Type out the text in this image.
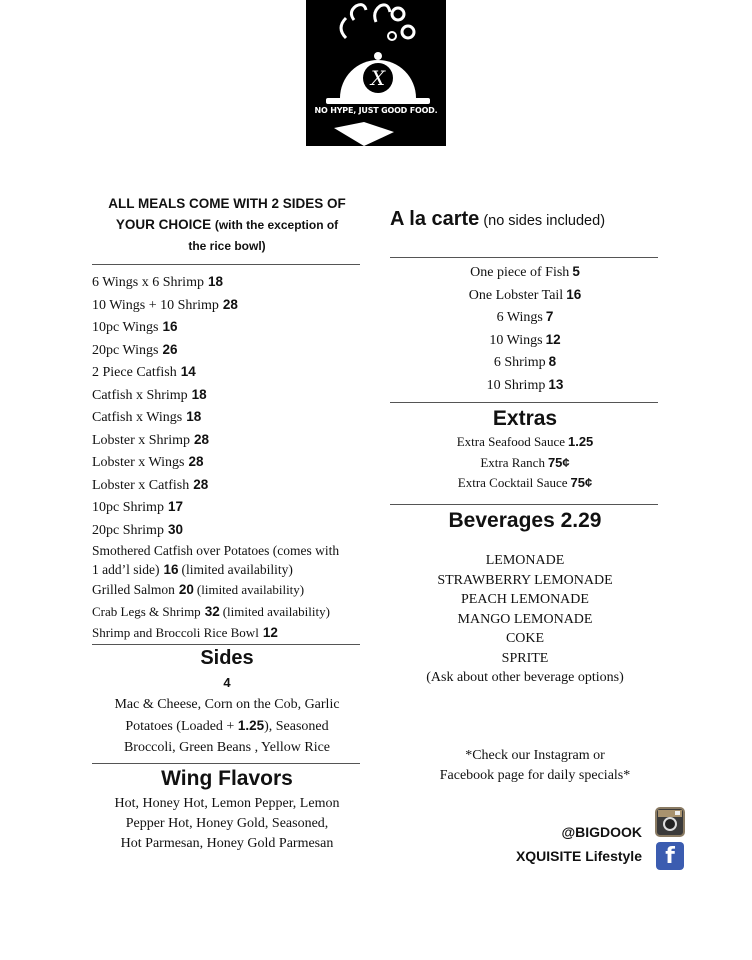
X
NO HYPE, JUST GOOD FOOD.
ALL MEALS COME WITH 2 SIDES OF
YOUR CHOICE (with the exception of
the rice bowl)
6 Wings x 6 Shrimp 18
10 Wings + 10 Shrimp 28
10pc Wings 16
20pc Wings 26
2 Piece Catfish 14
Catfish x Shrimp 18
Catfish x Wings 18
Lobster x Shrimp 28
Lobster x Wings 28
Lobster x Catfish 28
10pc Shrimp 17
20pc Shrimp 30
Smothered Catfish over Potatoes (comes with
1 add’l side) 16 (limited availability)
Grilled Salmon 20 (limited availability)
Crab Legs & Shrimp 32 (limited availability)
Shrimp and Broccoli Rice Bowl 12
Sides
4
Mac & Cheese, Corn on the Cob, Garlic
Potatoes (Loaded + 1.25), Seasoned
Broccoli, Green Beans , Yellow Rice
Wing Flavors
Hot, Honey Hot, Lemon Pepper, Lemon
Pepper Hot, Honey Gold, Seasoned,
Hot Parmesan, Honey Gold Parmesan
A la carte (no sides included)
One piece of Fish 5
One Lobster Tail 16
6 Wings 7
10 Wings 12
6 Shrimp 8
10 Shrimp 13
Extras
Extra Seafood Sauce 1.25
Extra Ranch 75¢
Extra Cocktail Sauce 75¢
Beverages 2.29
LEMONADE
STRAWBERRY LEMONADE
PEACH LEMONADE
MANGO LEMONADE
COKE
SPRITE
(Ask about other beverage options)
*Check our Instagram or
Facebook page for daily specials*
@BIGDOOK
XQUISITE Lifestyle	f
